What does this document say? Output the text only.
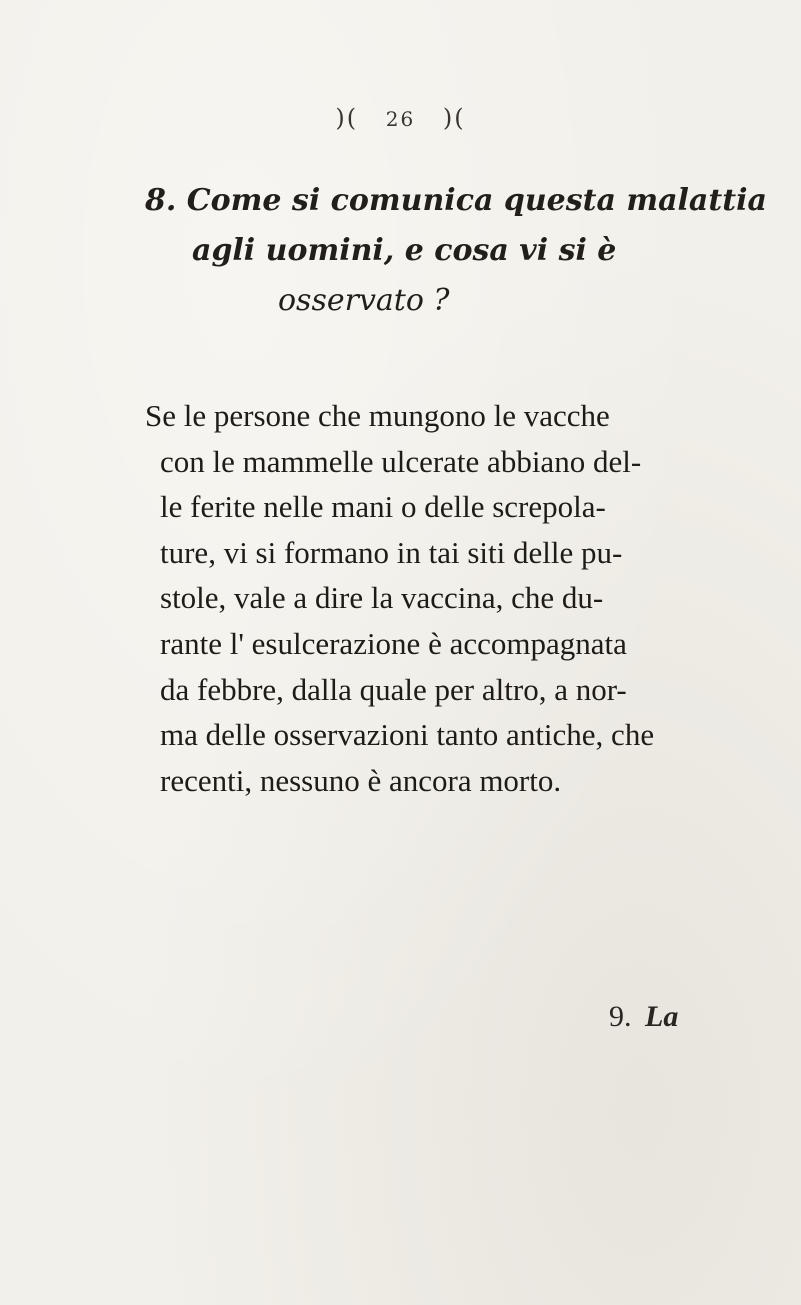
)( 26 )(
8. Come si comunica questa malattia
agli uomini, e cosa vi si è
osservato ?
Se le persone che mungono le vacche
con le mammelle ulcerate abbiano del-
le ferite nelle mani o delle screpola-
ture, vi si formano in tai siti delle pu-
stole, vale a dire la vaccina, che du-
rante l' esulcerazione è accompagnata
da febbre, dalla quale per altro, a nor-
ma delle osservazioni tanto antiche, che
recenti, nessuno è ancora morto.
9. La
